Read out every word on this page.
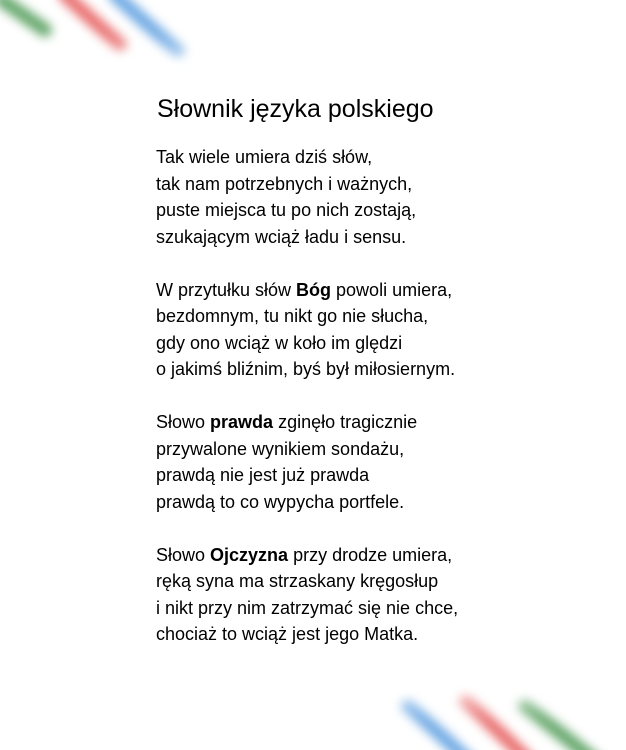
Słownik języka polskiego
Tak wiele umiera dziś słów,
tak nam potrzebnych i ważnych,
puste miejsca tu po nich zostają,
szukającym wciąż ładu i sensu.
W przytułku słów Bóg powoli umiera,
bezdomnym, tu nikt go nie słucha,
gdy ono wciąż w koło im ględzi
o jakimś bliźnim, byś był miłosiernym.
Słowo prawda zginęło tragicznie
przywalone wynikiem sondażu,
prawdą nie jest już prawda
prawdą to co wypycha portfele.
Słowo Ojczyzna przy drodze umiera,
ręką syna ma strzaskany kręgosłup
i nikt przy nim zatrzymać się nie chce,
chociaż to wciąż jest jego Matka.
